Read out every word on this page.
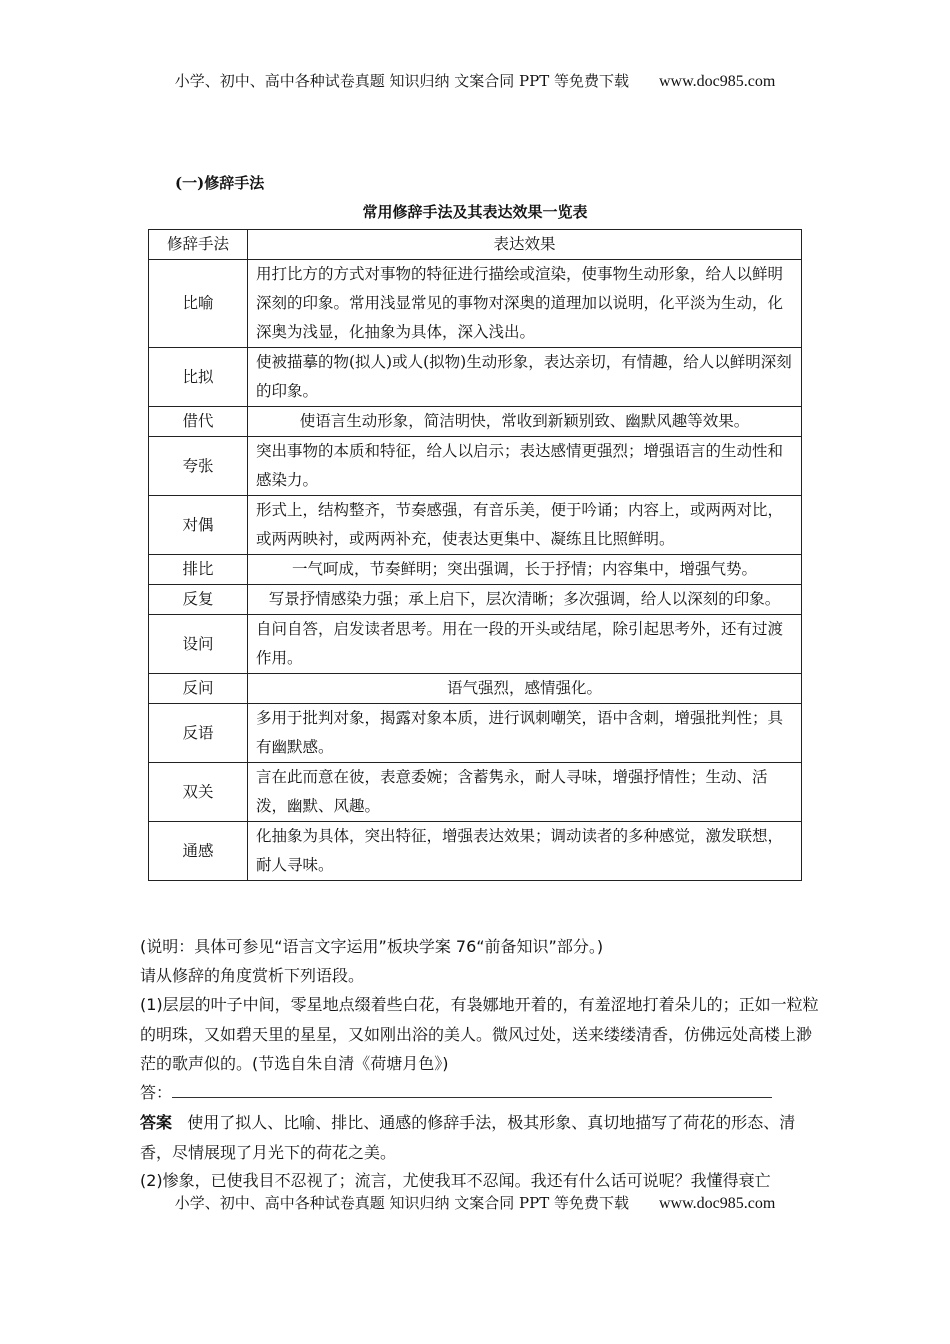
小学、初中、高中各种试卷真题 知识归纳 文案合同 PPT 等免费下载 www.doc985.com
(一)修辞手法
常用修辞手法及其表达效果一览表
修辞手法	表达效果
比喻	用打比方的方式对事物的特征进行描绘或渲染，使事物生动形象，给人以鲜明深刻的印象。常用浅显常见的事物对深奥的道理加以说明，化平淡为生动，化深奥为浅显，化抽象为具体，深入浅出。
比拟	使被描摹的物(拟人)或人(拟物)生动形象，表达亲切，有情趣，给人以鲜明深刻的印象。
借代	使语言生动形象，简洁明快，常收到新颖别致、幽默风趣等效果。
夸张	突出事物的本质和特征，给人以启示；表达感情更强烈；增强语言的生动性和感染力。
对偶	形式上，结构整齐，节奏感强，有音乐美，便于吟诵；内容上，或两两对比，或两两映衬，或两两补充，使表达更集中、凝练且比照鲜明。
排比	一气呵成，节奏鲜明；突出强调，长于抒情；内容集中，增强气势。
反复	写景抒情感染力强；承上启下，层次清晰；多次强调，给人以深刻的印象。
设问	自问自答，启发读者思考。用在一段的开头或结尾，除引起思考外，还有过渡作用。
反问	语气强烈，感情强化。
反语	多用于批判对象，揭露对象本质，进行讽刺嘲笑，语中含刺，增强批判性；具有幽默感。
双关	言在此而意在彼，表意委婉；含蓄隽永，耐人寻味，增强抒情性；生动、活泼，幽默、风趣。
通感	化抽象为具体，突出特征，增强表达效果；调动读者的多种感觉，激发联想，耐人寻味。
(说明：具体可参见“语言文字运用”板块学案 76“前备知识”部分。)
请从修辞的角度赏析下列语段。
(1)层层的叶子中间，零星地点缀着些白花，有袅娜地开着的，有羞涩地打着朵儿的；正如一粒粒的明珠，又如碧天里的星星，又如刚出浴的美人。微风过处，送来缕缕清香，仿佛远处高楼上渺茫的歌声似的。(节选自朱自清《荷塘月色》)
答：
答案 使用了拟人、比喻、排比、通感的修辞手法，极其形象、真切地描写了荷花的形态、清香，尽情展现了月光下的荷花之美。
(2)惨象，已使我目不忍视了；流言，尤使我耳不忍闻。我还有什么话可说呢？我懂得衰亡
小学、初中、高中各种试卷真题 知识归纳 文案合同 PPT 等免费下载 www.doc985.com
